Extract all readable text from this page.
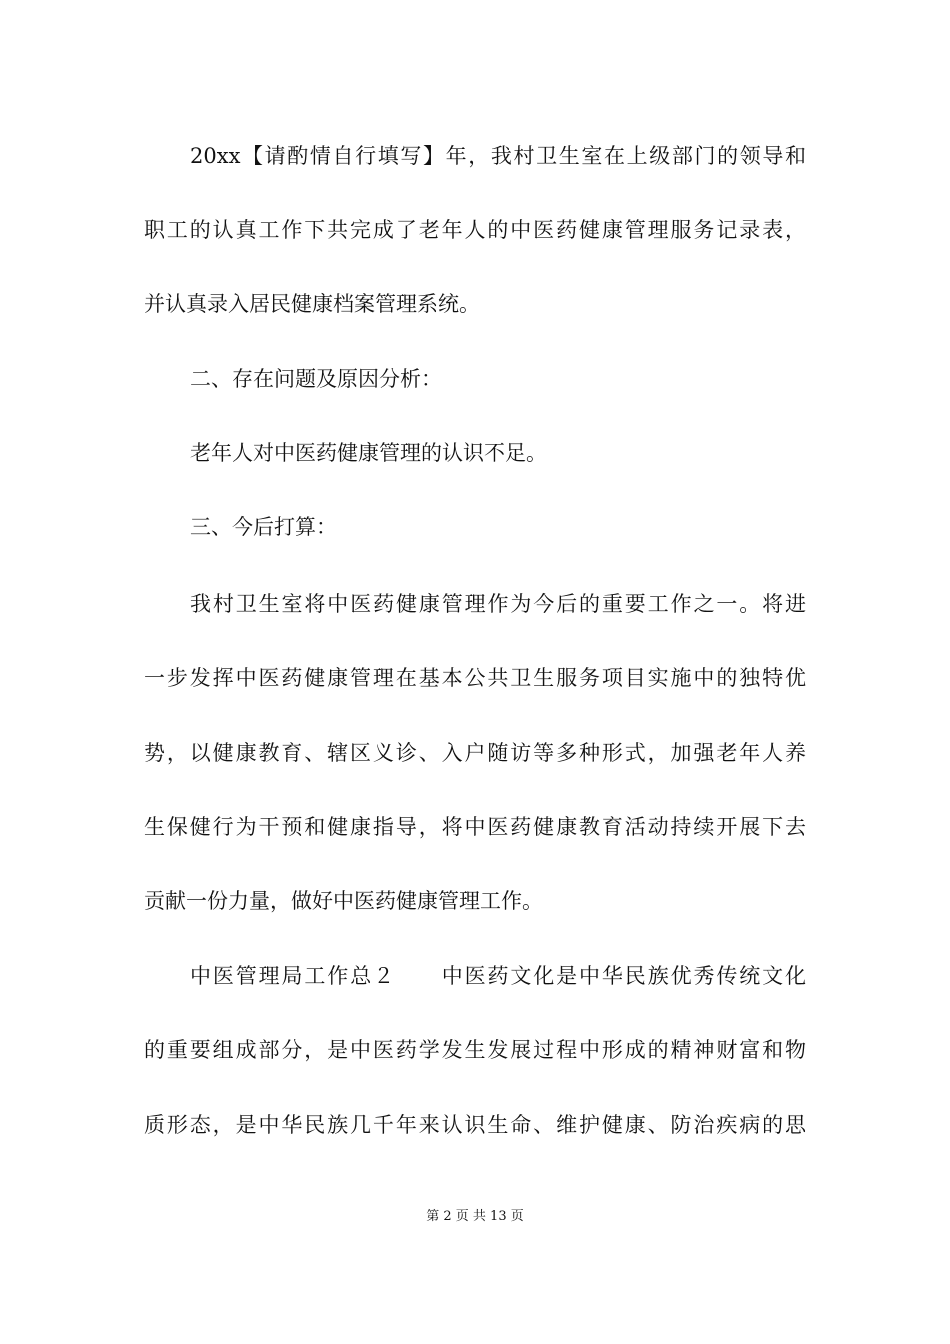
20xx【请酌情自行填写】年，我村卫生室在上级部门的领导和
职工的认真工作下共完成了老年人的中医药健康管理服务记录表，
并认真录入居民健康档案管理系统。
二、存在问题及原因分析：
老年人对中医药健康管理的认识不足。
三、今后打算：
我村卫生室将中医药健康管理作为今后的重要工作之一。将进
一步发挥中医药健康管理在基本公共卫生服务项目实施中的独特优
势，以健康教育、辖区义诊、入户随访等多种形式，加强老年人养
生保健行为干预和健康指导，将中医药健康教育活动持续开展下去
贡献一份力量，做好中医药健康管理工作。
中医管理局工作总２　　中医药文化是中华民族优秀传统文化
的重要组成部分，是中医药学发生发展过程中形成的精神财富和物
质形态，是中华民族几千年来认识生命、维护健康、防治疾病的思
第 2 页 共 13 页
